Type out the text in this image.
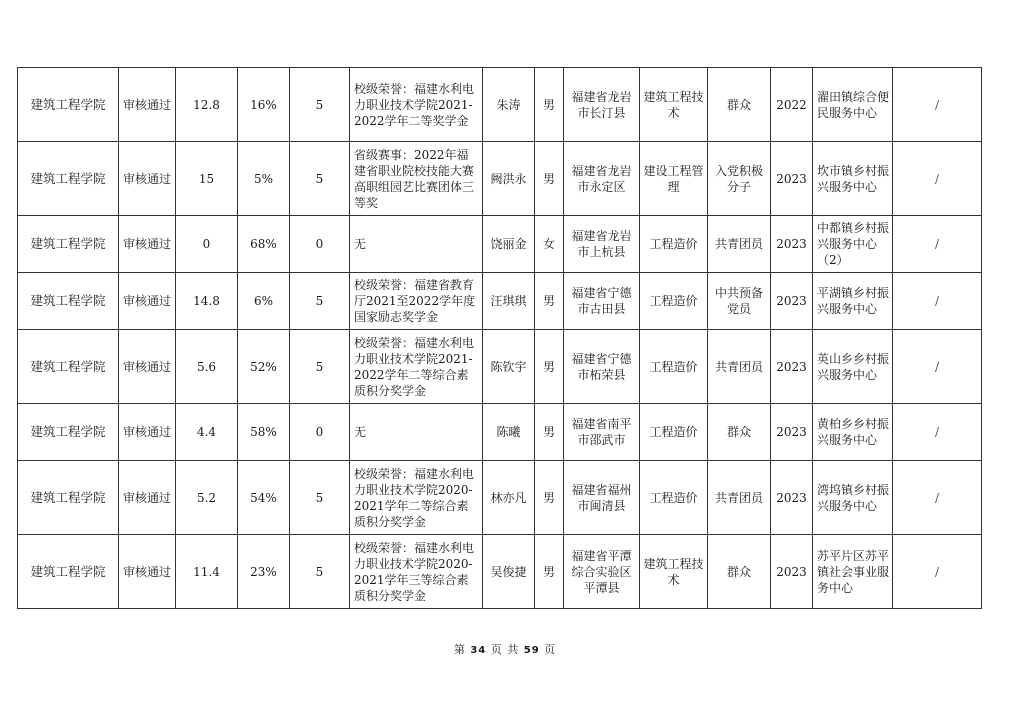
建筑工程学院	审核通过	12.8	16%	5	校级荣誉：福建水利电力职业技术学院2021-2022学年二等奖学金	朱涛	男	福建省龙岩市长汀县	建筑工程技术	群众	2022	濯田镇综合便民服务中心	/
建筑工程学院	审核通过	15	5%	5	省级赛事：2022年福建省职业院校技能大赛高职组园艺比赛团体三等奖	阙洪永	男	福建省龙岩市永定区	建设工程管理	入党积极分子	2023	坎市镇乡村振兴服务中心	/
建筑工程学院	审核通过	0	68%	0	无	饶丽金	女	福建省龙岩市上杭县	工程造价	共青团员	2023	中都镇乡村振兴服务中心（2）	/
建筑工程学院	审核通过	14.8	6%	5	校级荣誉：福建省教育厅2021至2022学年度国家励志奖学金	汪琪琪	男	福建省宁德市古田县	工程造价	中共预备党员	2023	平湖镇乡村振兴服务中心	/
建筑工程学院	审核通过	5.6	52%	5	校级荣誉：福建水利电力职业技术学院2021-2022学年二等综合素质积分奖学金	陈钦宇	男	福建省宁德市柘荣县	工程造价	共青团员	2023	英山乡乡村振兴服务中心	/
建筑工程学院	审核通过	4.4	58%	0	无	陈曦	男	福建省南平市邵武市	工程造价	群众	2023	黄柏乡乡村振兴服务中心	/
建筑工程学院	审核通过	5.2	54%	5	校级荣誉：福建水利电力职业技术学院2020-2021学年二等综合素质积分奖学金	林亦凡	男	福建省福州市闽清县	工程造价	共青团员	2023	湾坞镇乡村振兴服务中心	/
建筑工程学院	审核通过	11.4	23%	5	校级荣誉：福建水利电力职业技术学院2020-2021学年三等综合素质积分奖学金	吴俊捷	男	福建省平潭综合实验区平潭县	建筑工程技术	群众	2023	苏平片区苏平镇社会事业服务中心	/
第 34 页 共 59 页
